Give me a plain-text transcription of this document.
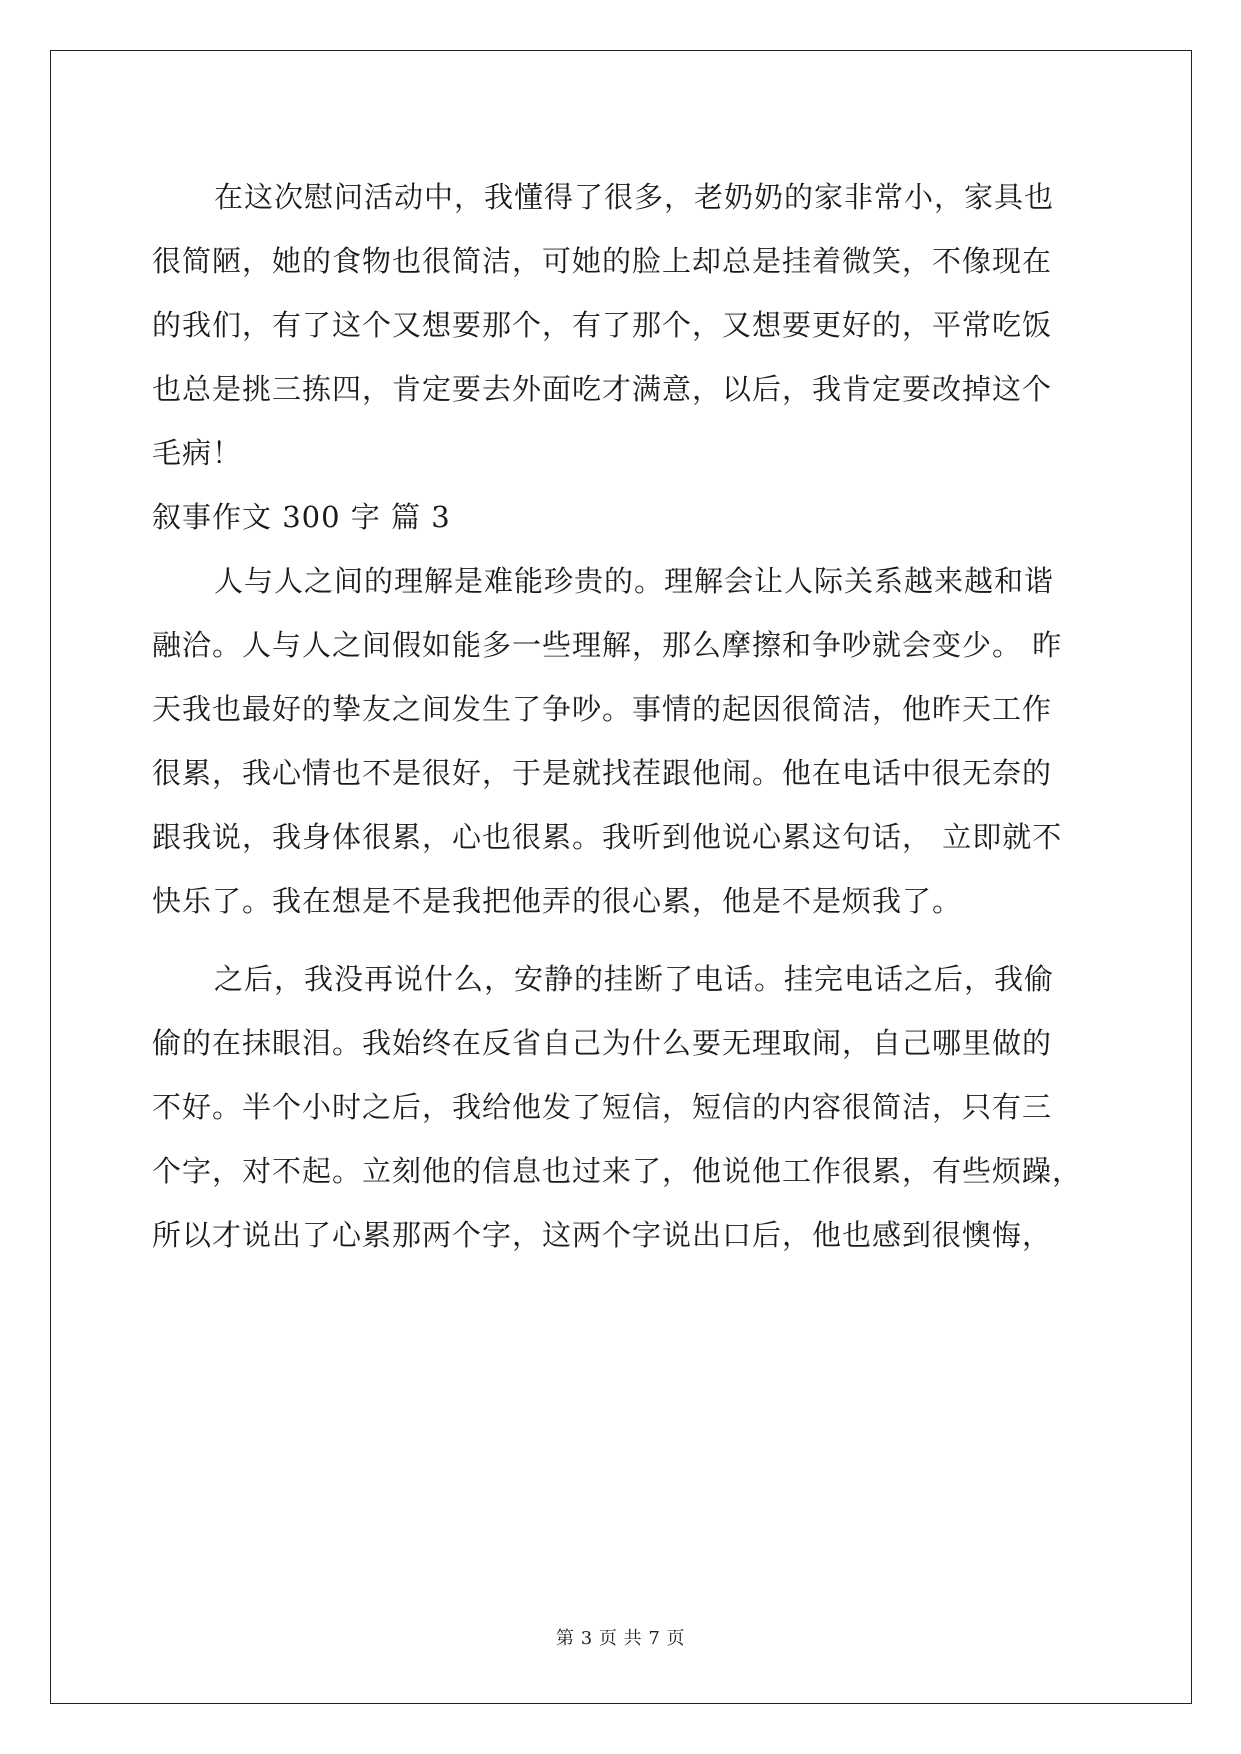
在这次慰问活动中，我懂得了很多，老奶奶的家非常小，家具也
很简陋，她的食物也很简洁，可她的脸上却总是挂着微笑，不像现在
的我们，有了这个又想要那个，有了那个，又想要更好的，平常吃饭
也总是挑三拣四，肯定要去外面吃才满意，以后，我肯定要改掉这个
毛病！

叙事作文 300 字 篇 3

人与人之间的理解是难能珍贵的。理解会让人际关系越来越和谐
融洽。人与人之间假如能多一些理解，那么摩擦和争吵就会变少。 昨
天我也最好的挚友之间发生了争吵。事情的起因很简洁，他昨天工作
很累，我心情也不是很好，于是就找茬跟他闹。他在电话中很无奈的
跟我说，我身体很累，心也很累。我听到他说心累这句话， 立即就不
快乐了。我在想是不是我把他弄的很心累，他是不是烦我了。

之后，我没再说什么，安静的挂断了电话。挂完电话之后，我偷
偷的在抹眼泪。我始终在反省自己为什么要无理取闹，自己哪里做的
不好。半个小时之后，我给他发了短信，短信的内容很简洁，只有三
个字，对不起。立刻他的信息也过来了，他说他工作很累，有些烦躁，
所以才说出了心累那两个字，这两个字说出口后，他也感到很懊悔，

第 3 页 共 7 页
